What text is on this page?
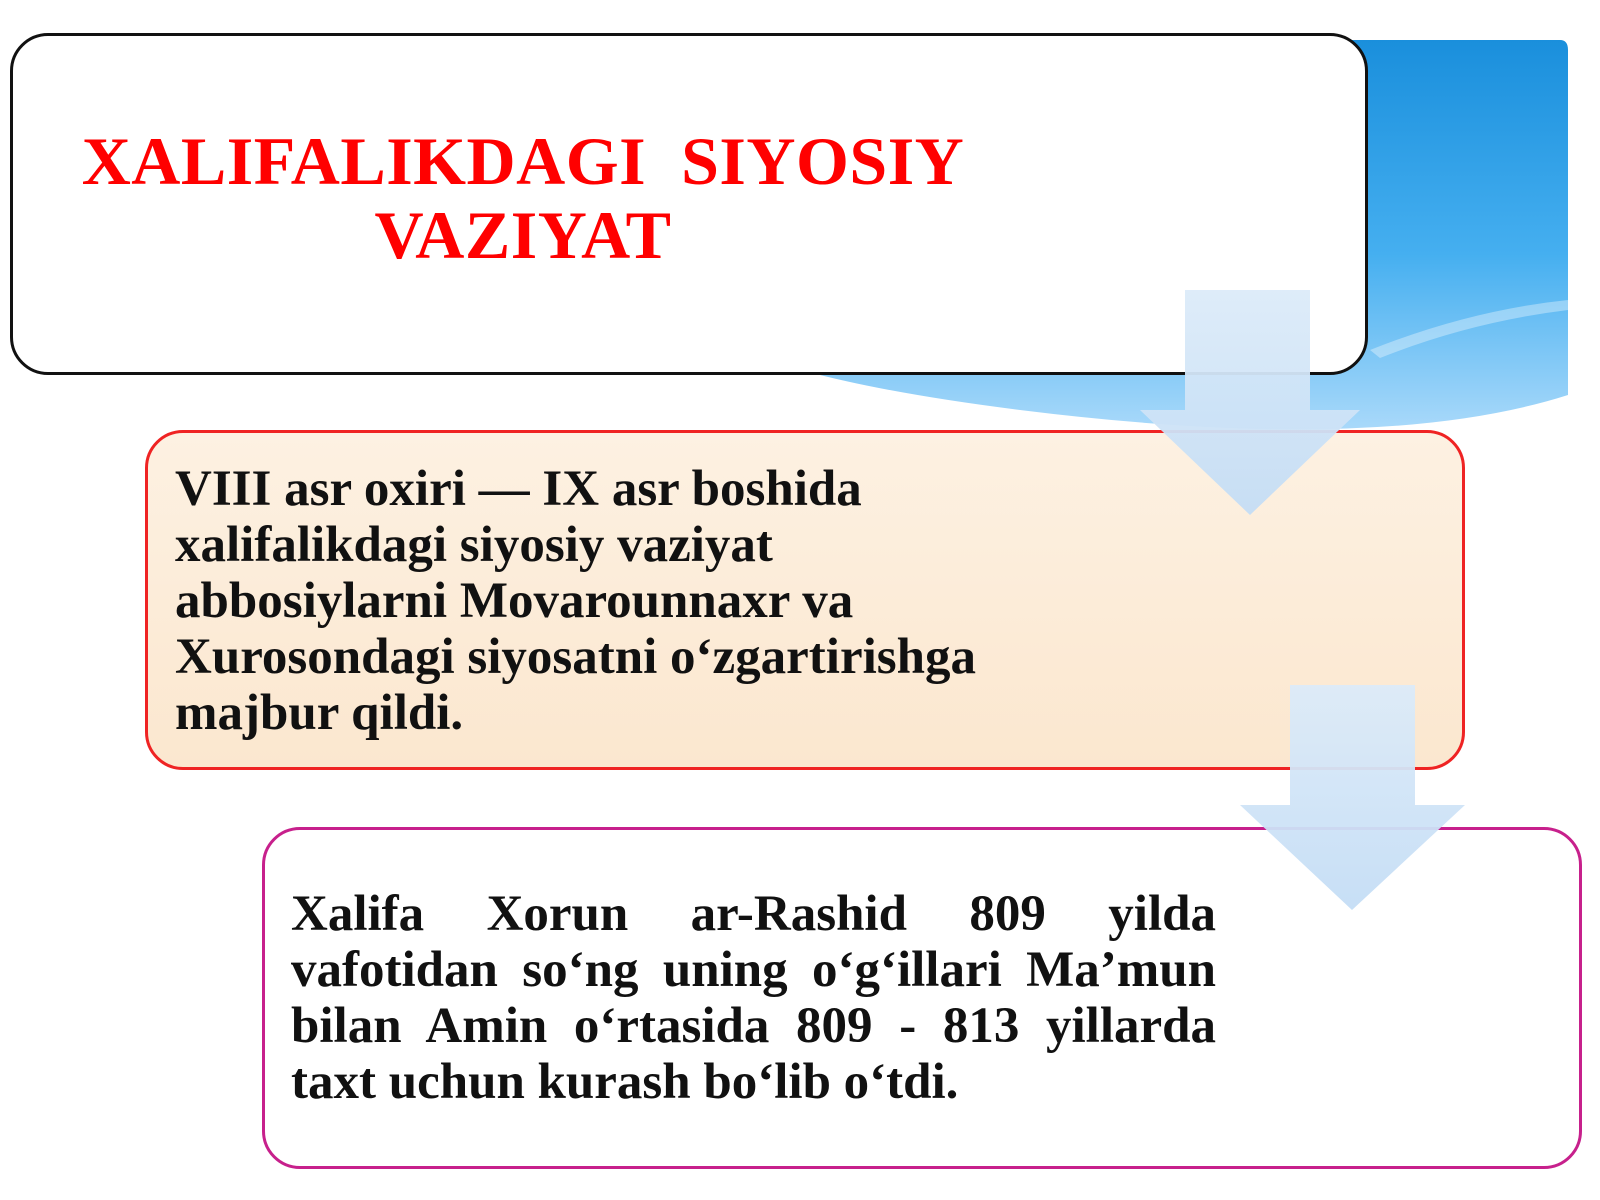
XALIFALIKDAGI  SIYOSIY
VAZIYAT

VIII asr oxiri — IX asr boshida
xalifalikdagi siyosiy vaziyat
abbosiylarni Movarounnaxr va
Xurosondagi siyosatni o‘zgartirishga
majbur qildi.

Xalifa Xorun ar-Rashid 809 yilda vafotidan so‘ng uning o‘g‘illari Ma’mun bilan Amin o‘rtasida 809 - 813 yillarda taxt uchun kurash bo‘lib o‘tdi.
